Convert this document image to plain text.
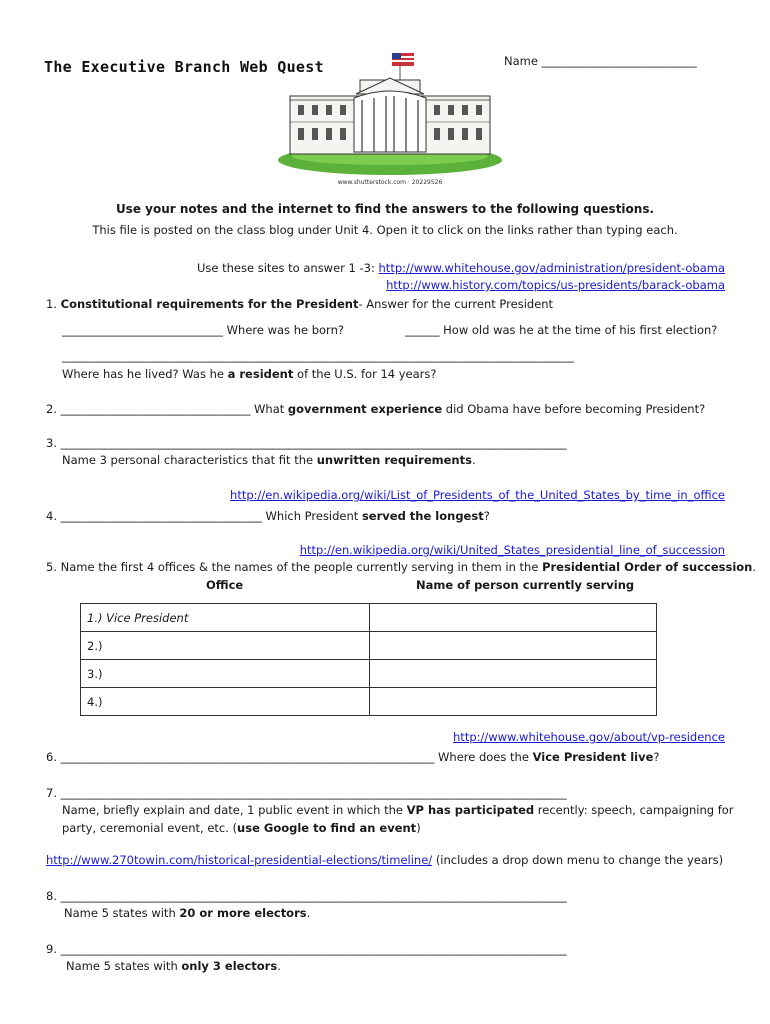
The Executive Branch Web Quest	Name ___________________________
www.shutterstock.com · 20229526
Use your notes and the internet to find the answers to the following questions.
This file is posted on the class blog under Unit 4. Open it to click on the links rather than typing each.
Use these sites to answer 1 -3: http://www.whitehouse.gov/administration/president-obama
http://www.history.com/topics/us-presidents/barack-obama
1. Constitutional requirements for the President- Answer for the current President
____________________________ Where was he born?	______ How old was he at the time of his first election?
_________________________________________________________________________________________
Where has he lived? Was he a resident of the U.S. for 14 years?
2. _________________________________ What government experience did Obama have before becoming President?
3. ________________________________________________________________________________________
Name 3 personal characteristics that fit the unwritten requirements.
http://en.wikipedia.org/wiki/List_of_Presidents_of_the_United_States_by_time_in_office
4. ___________________________________ Which President served the longest?
http://en.wikipedia.org/wiki/United_States_presidential_line_of_succession
5. Name the first 4 offices & the names of the people currently serving in them in the Presidential Order of succession.
Office	Name of person currently serving
1.) Vice President	
2.)	
3.)	
4.)	
http://www.whitehouse.gov/about/vp-residence
6. _________________________________________________________________ Where does the Vice President live?
7. ________________________________________________________________________________________
Name, briefly explain and date, 1 public event in which the VP has participated recently: speech, campaigning for
party, ceremonial event, etc. (use Google to find an event)
http://www.270towin.com/historical-presidential-elections/timeline/ (includes a drop down menu to change the years)
8. ________________________________________________________________________________________
Name 5 states with 20 or more electors.
9. ________________________________________________________________________________________
Name 5 states with only 3 electors.
